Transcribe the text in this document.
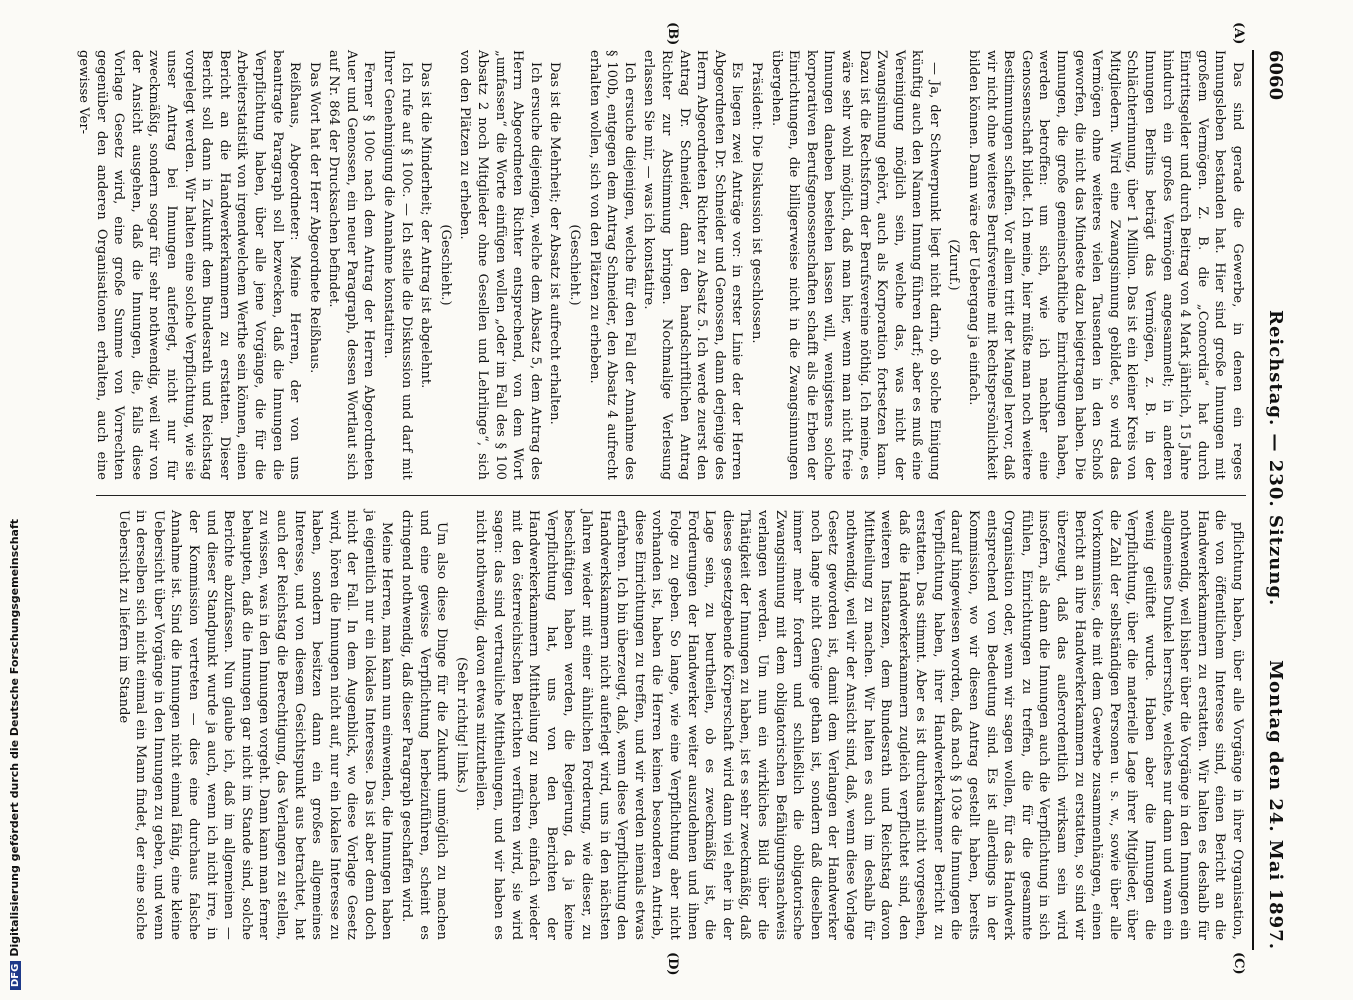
6060
Reichstag. — 230. Sitzung.
Montag den 24. Mai 1897.

Das sind gerade die Gewerbe, in denen ein reges Innungsleben bestanden hat. Hier sind große Innungen mit großem Vermögen. Z. B. die „Concordia“ hat durch Eintrittsgelder und durch Beitrag von 4 Mark jährlich, 15 Jahre hindurch ein großes Vermögen angesammelt; in anderen Innungen Berlins beträgt das Vermögen, z. B. in der Schlächterinnung, über 1 Million. Das ist ein kleiner Kreis von Mitgliedern. Wird eine Zwangsinnung gebildet, so wird das Vermögen ohne weiteres vielen Tausenden in den Schoß geworfen, die nicht das Mindeste dazu beigetragen haben. Die Innungen, die große gemeinschaftliche Einrichtungen haben, werden betroffen: um sich, wie ich nachher eine Genossenschaft bildet. Ich meine, hier müßte man noch weitere Bestimmungen schaffen. Vor allem tritt der Mangel hervor, daß wir nicht ohne weiteres Berufsvereine mit Rechtspersönlichkeit bilden können. Dann wäre der Uebergang ja einfach.

(Zuruf.)

— Ja, der Schwerpunkt liegt nicht darin, ob solche Einigung künftig auch den Namen Innung führen darf; aber es muß eine Vereinigung möglich sein, welche das, was nicht der Zwangsinnung gehört, auch als Korporation fortsetzen kann. Dazu ist die Rechtsform der Berufsvereine nöthig. Ich meine, es wäre sehr wohl möglich, daß man hier, wenn man nicht freie Innungen daneben bestehen lassen will, wenigstens solche korporativen Berufsgenossenschaften schafft als die Erben der Einrichtungen, die billigerweise nicht in die Zwangsinnungen übergehen.

Präsident: Die Diskussion ist geschlossen.

Es liegen zwei Anträge vor: in erster Linie der der Herren Abgeordneten Dr. Schneider und Genossen, dann derjenige des Herrn Abgeordneten Richter zu Absatz 5. Ich werde zuerst den Antrag Dr. Schneider, dann den handschriftlichen Antrag Richter zur Abstimmung bringen. Nochmalige Verlesung erlassen Sie mir, — was ich konstatire.

Ich ersuche diejenigen, welche für den Fall der Annahme des § 100b, entgegen dem Antrag Schneider, den Absatz 4 aufrecht erhalten wollen, sich von den Plätzen zu erheben.

(Geschieht.)

Das ist die Mehrheit; der Absatz ist aufrecht erhalten.

Ich ersuche diejenigen, welche dem Absatz 5, dem Antrag des Herrn Abgeordneten Richter entsprechend, von dem Wort „umfassen“ die Worte einfügen wollen „oder im Fall des § 100 Absatz 2 noch Mitglieder ohne Gesellen und Lehrlinge“, sich von den Plätzen zu erheben.

(Geschieht.)

Das ist die Minderheit; der Antrag ist abgelehnt.

Ich rufe auf § 100c. — Ich stelle die Diskussion und darf mit Ihrer Genehmigung die Annahme konstatiren.

Ferner § 100c nach dem Antrag der Herren Abgeordneten Auer und Genossen, ein neuer Paragraph, dessen Wortlaut sich auf Nr. 864 der Drucksachen befindet.

Das Wort hat der Herr Abgeordnete Reißhaus.

Reißhaus, Abgeordneter: Meine Herren, der von uns beantragte Paragraph soll bezwecken, daß die Innungen die Verpflichtung haben, über alle jene Vorgänge, die für die Arbeiterstatistik von irgendwelchem Werthe sein können, einen Bericht an die Handwerkerkammern zu erstatten. Dieser Bericht soll dann in Zukunft dem Bundesrath und Reichstag vorgelegt werden. Wir halten eine solche Verpflichtung, wie sie unser Antrag bei Innungen auferlegt, nicht nur für zweckmäßig, sondern sogar für sehr nothwendig, weil wir von der Ansicht ausgehen, daß die Innungen, die, falls diese Vorlage Gesetz wird, eine große Summe von Vorrechten gegenüber den anderen Organisationen erhalten, auch eine gewisse Ver-

pflichtung haben, über alle Vorgänge in ihrer Organisation, die von öffentlichem Interesse sind, einen Bericht an die Handwerkerkammern zu erstatten. Wir halten es deshalb für nothwendig, weil bisher über die Vorgänge in den Innungen ein allgemeines Dunkel herrschte, welches nur dann und wann ein wenig gelüftet wurde. Haben aber die Innungen die Verpflichtung, über die materielle Lage ihrer Mitglieder, über die Zahl der selbständigen Personen u. s. w., sowie über alle Vorkommnisse, die mit dem Gewerbe zusammenhängen, einen Bericht an ihre Handwerkerkammern zu erstatten, so sind wir überzeugt, daß das außerordentlich wirksam sein wird insofern, als dann die Innungen auch die Verpflichtung in sich fühlen, Einrichtungen zu treffen, die für die gesammte Organisation oder, wenn wir sagen wollen, für das Handwerk entsprechend von Bedeutung sind. Es ist allerdings in der Kommission, wo wir diesen Antrag gestellt haben, bereits darauf hingewiesen worden, daß nach § 103e die Innungen die Verpflichtung haben, ihrer Handwerkerkammer Bericht zu erstatten. Das stimmt. Aber es ist durchaus nicht vorgesehen, daß die Handwerkerkammern zugleich verpflichtet sind, den weiteren Instanzen, dem Bundesrath und Reichstag davon Mittheilung zu machen. Wir halten es auch im deshalb für nothwendig, weil wir der Ansicht sind, daß, wenn diese Vorlage Gesetz geworden ist, damit dem Verlangen der Handwerker noch lange nicht Genüge gethan ist, sondern daß dieselben immer mehr fordern und schließlich die obligatorische Zwangsinnung mit dem obligatorischen Befähigungsnachweis verlangen werden. Um nun ein wirkliches Bild über die Thätigkeit der Innungen zu haben, ist es sehr zweckmäßig, daß dieses gesetzgebende Körperschaft wird dann viel eher in der Lage sein, zu beurtheilen, ob es zweckmäßig ist, die Forderungen der Handwerker weiter auszudehnen und ihnen Folge zu geben. So lange, wie eine Verpflichtung aber nicht vorhanden ist, haben die Herren keinen besonderen Antrieb, diese Einrichtungen zu treffen, und wir werden niemals etwas erfahren. Ich bin überzeugt, daß, wenn diese Verpflichtung den Handwerkskammern nicht auferlegt wird, uns in den nächsten Jahren wieder mit einer ähnlichen Forderung, wie dieser, zu beschäftigen haben werden, die Regierung, da ja keine Verpflichtung hat, uns von den Berichten der Handwerkerkammern Mittheilung zu machen, einfach wieder mit den österreichischen Berichten verführen wird, sie wird sagen: das sind vertrauliche Mittheilungen, und wir haben es nicht nothwendig, davon etwas mitzutheilen.

(Sehr richtig! links.)

Um also diese Dinge für die Zukunft unmöglich zu machen und eine gewisse Verpflichtung herbeizuführen, scheint es dringend nothwendig, daß dieser Paragraph geschaffen wird.

Meine Herren, man kann nun einwenden, die Innungen haben ja eigentlich nur ein lokales Interesse. Das ist aber denn doch nicht der Fall. In dem Augenblick, wo diese Vorlage Gesetz wird, hören die Innungen nicht auf, nur ein lokales Interesse zu haben, sondern besitzen dann ein großes allgemeines Interesse, und von diesem Gesichtspunkt aus betrachtet, hat auch der Reichstag die Berechtigung, das Verlangen zu stellen, zu wissen, was in den Innungen vorgeht. Dann kann man ferner behaupten, daß die Innungen gar nicht im Stande sind, solche Berichte abzufassen. Nun glaube ich, daß im allgemeinen — und dieser Standpunkt wurde ja auch, wenn ich nicht irre, in der Kommission vertreten — dies eine durchaus falsche Annahme ist. Sind die Innungen nicht einmal fähig, eine kleine Uebersicht über Vorgänge in den Innungen zu geben, und wenn in derselben sich nicht einmal ein Mann findet, der eine solche Uebersicht zu liefern im Stande

(A)
(B)
(C)
(D)
DFGDigitalisierung gefördert durch die Deutsche Forschungsgemeinschaft
